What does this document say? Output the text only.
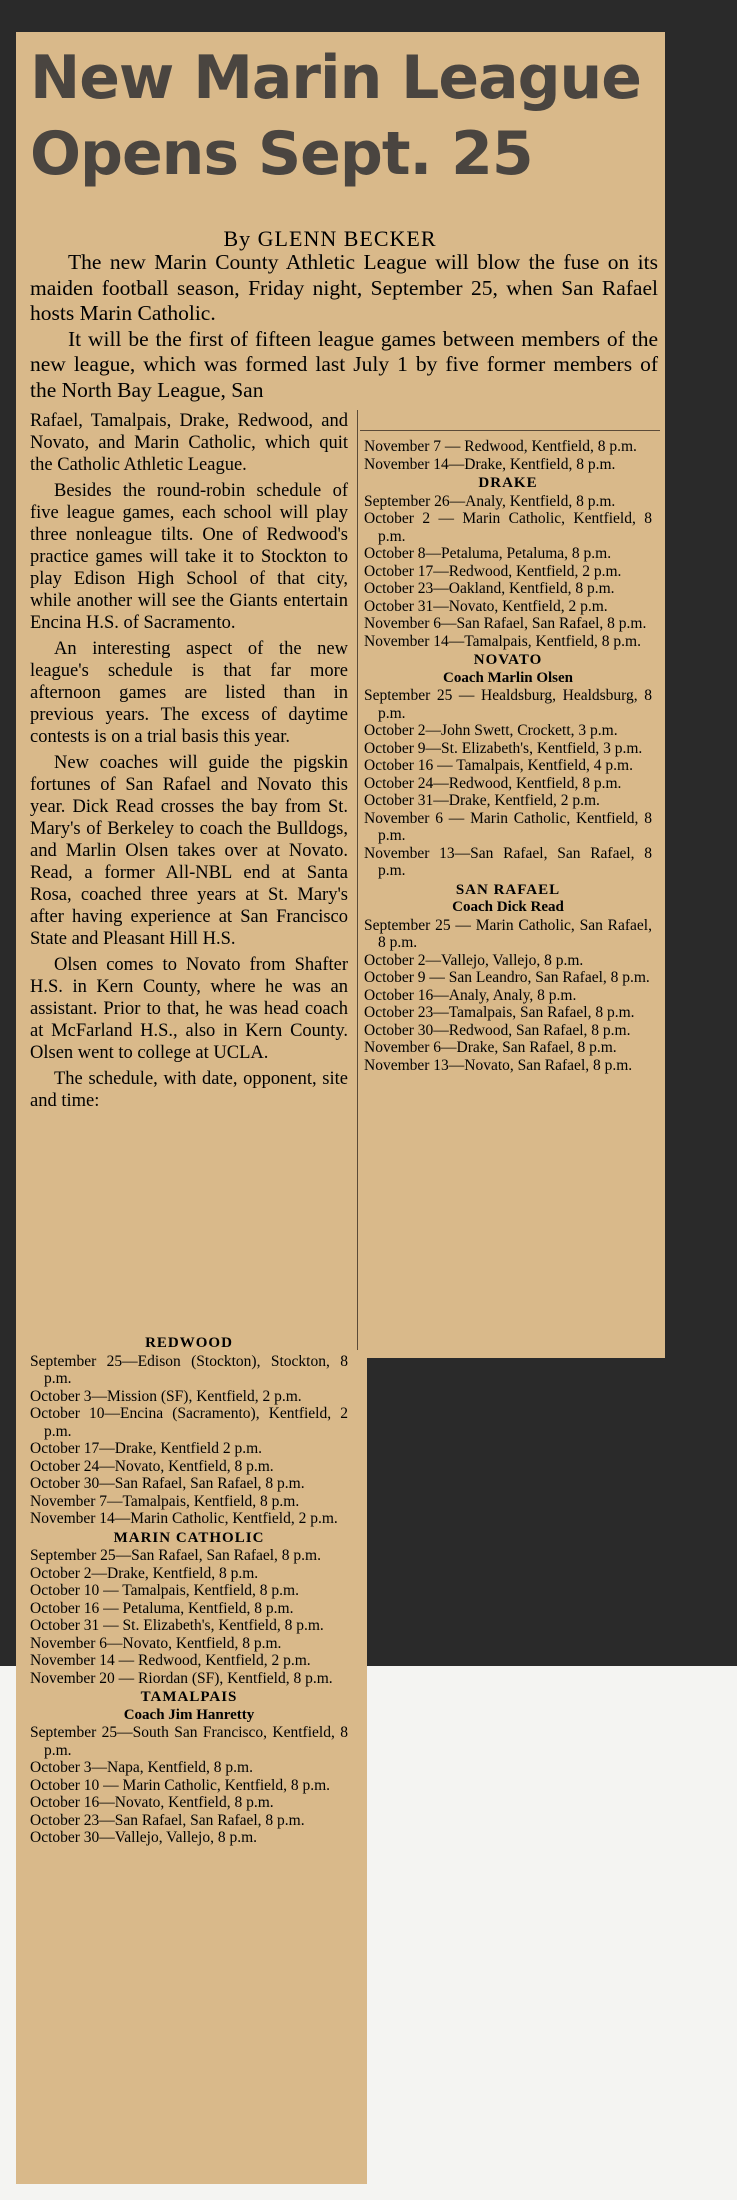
New Marin League Opens Sept. 25
By GLENN BECKER

The new Marin County Athletic League will blow the fuse on its maiden football season, Friday night, September 25, when San Rafael hosts Marin Catholic.

It will be the first of fifteen league games between members of the new league, which was formed last July 1 by five former members of the North Bay League, San

Rafael, Tamalpais, Drake, Redwood, and Novato, and Marin Catholic, which quit the Catholic Athletic League.

Besides the round-robin schedule of five league games, each school will play three nonleague tilts. One of Redwood's practice games will take it to Stockton to play Edison High School of that city, while another will see the Giants entertain Encina H.S. of Sacramento.

An interesting aspect of the new league's schedule is that far more afternoon games are listed than in previous years. The excess of daytime contests is on a trial basis this year.

New coaches will guide the pigskin fortunes of San Rafael and Novato this year. Dick Read crosses the bay from St. Mary's of Berkeley to coach the Bulldogs, and Marlin Olsen takes over at Novato. Read, a former All-NBL end at Santa Rosa, coached three years at St. Mary's after having experience at San Francisco State and Pleasant Hill H.S.

Olsen comes to Novato from Shafter H.S. in Kern County, where he was an assistant. Prior to that, he was head coach at McFarland H.S., also in Kern County. Olsen went to college at UCLA.

The schedule, with date, opponent, site and time:

REDWOOD

September 25—Edison (Stockton), Stockton, 8 p.m.

October 3—Mission (SF), Kentfield, 2 p.m.

October 10—Encina (Sacramento), Kentfield, 2 p.m.

October 17—Drake, Kentfield 2 p.m.

October 24—Novato, Kentfield, 8 p.m.

October 30—San Rafael, San Rafael, 8 p.m.

November 7—Tamalpais, Kentfield, 8 p.m.

November 14—Marin Catholic, Kentfield, 2 p.m.

MARIN CATHOLIC

September 25—San Rafael, San Rafael, 8 p.m.

October 2—Drake, Kentfield, 8 p.m.

October 10 — Tamalpais, Kentfield, 8 p.m.

October 16 — Petaluma, Kentfield, 8 p.m.

October 31 — St. Elizabeth's, Kentfield, 8 p.m.

November 6—Novato, Kentfield, 8 p.m.

November 14 — Redwood, Kentfield, 2 p.m.

November 20 — Riordan (SF), Kentfield, 8 p.m.

TAMALPAIS
Coach Jim Hanretty

September 25—South San Francisco, Kentfield, 8 p.m.

October 3—Napa, Kentfield, 8 p.m.

October 10 — Marin Catholic, Kentfield, 8 p.m.

October 16—Novato, Kentfield, 8 p.m.

October 23—San Rafael, San Rafael, 8 p.m.

October 30—Vallejo, Vallejo, 8 p.m.

November 7 — Redwood, Kentfield, 8 p.m.

November 14—Drake, Kentfield, 8 p.m.

DRAKE

September 26—Analy, Kentfield, 8 p.m.

October 2 — Marin Catholic, Kentfield, 8 p.m.

October 8—Petaluma, Petaluma, 8 p.m.

October 17—Redwood, Kentfield, 2 p.m.

October 23—Oakland, Kentfield, 8 p.m.

October 31—Novato, Kentfield, 2 p.m.

November 6—San Rafael, San Rafael, 8 p.m.

November 14—Tamalpais, Kentfield, 8 p.m.

NOVATO
Coach Marlin Olsen

September 25 — Healdsburg, Healdsburg, 8 p.m.

October 2—John Swett, Crockett, 3 p.m.

October 9—St. Elizabeth's, Kentfield, 3 p.m.

October 16 — Tamalpais, Kentfield, 4 p.m.

October 24—Redwood, Kentfield, 8 p.m.

October 31—Drake, Kentfield, 2 p.m.

November 6 — Marin Catholic, Kentfield, 8 p.m.

November 13—San Rafael, San Rafael, 8 p.m.

SAN RAFAEL
Coach Dick Read

September 25 — Marin Catholic, San Rafael, 8 p.m.

October 2—Vallejo, Vallejo, 8 p.m.

October 9 — San Leandro, San Rafael, 8 p.m.

October 16—Analy, Analy, 8 p.m.

October 23—Tamalpais, San Rafael, 8 p.m.

October 30—Redwood, San Rafael, 8 p.m.

November 6—Drake, San Rafael, 8 p.m.

November 13—Novato, San Rafael, 8 p.m.
